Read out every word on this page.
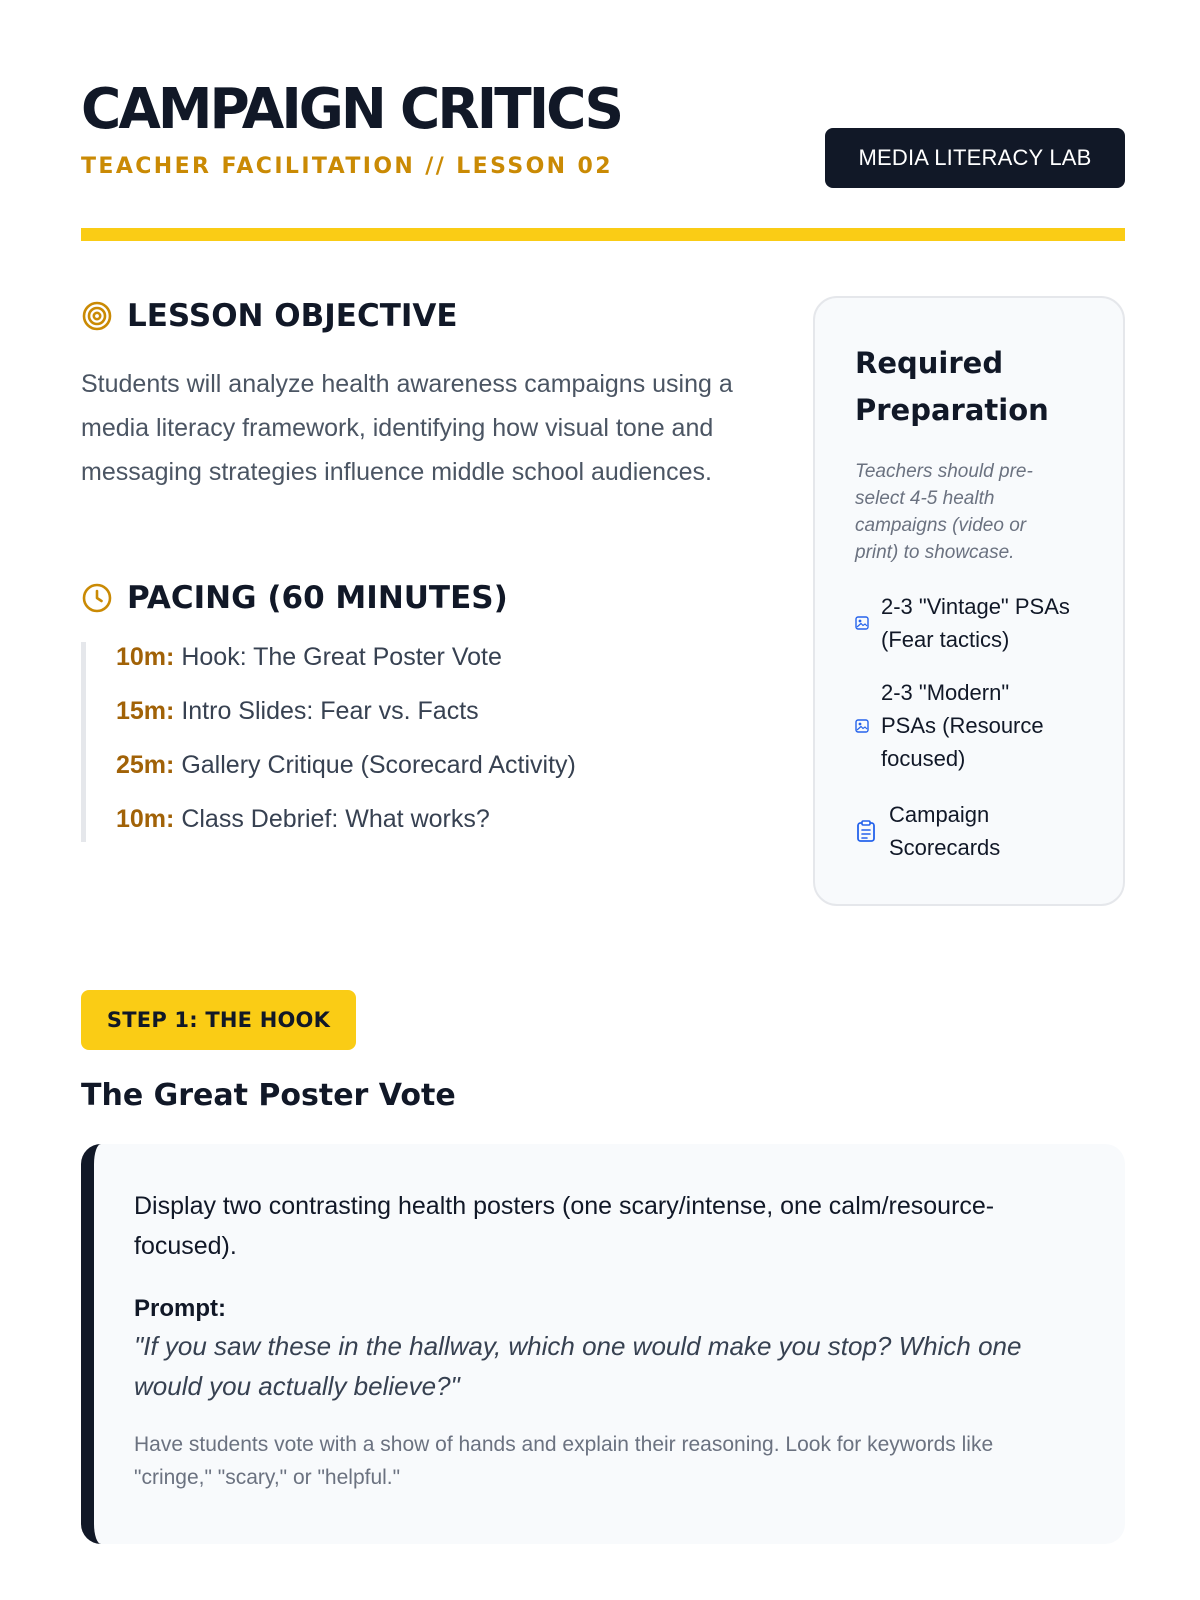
CAMPAIGN CRITICS
TEACHER FACILITATION // LESSON 02	MEDIA LITERACY LAB
LESSON OBJECTIVE
Students will analyze health awareness campaigns using a media literacy framework, identifying how visual tone and messaging strategies influence middle school audiences.
PACING (60 MINUTES)
10m: Hook: The Great Poster Vote
15m: Intro Slides: Fear vs. Facts
25m: Gallery Critique (Scorecard Activity)
10m: Class Debrief: What works?
Required Preparation
Teachers should pre-select 4-5 health campaigns (video or print) to showcase.
2-3 "Vintage" PSAs (Fear tactics)
2-3 "Modern" PSAs (Resource focused)
Campaign Scorecards
STEP 1: THE HOOK
The Great Poster Vote
Display two contrasting health posters (one scary/intense, one calm/resource-focused).
Prompt:
"If you saw these in the hallway, which one would make you stop? Which one would you actually believe?"
Have students vote with a show of hands and explain their reasoning. Look for keywords like "cringe," "scary," or "helpful."
